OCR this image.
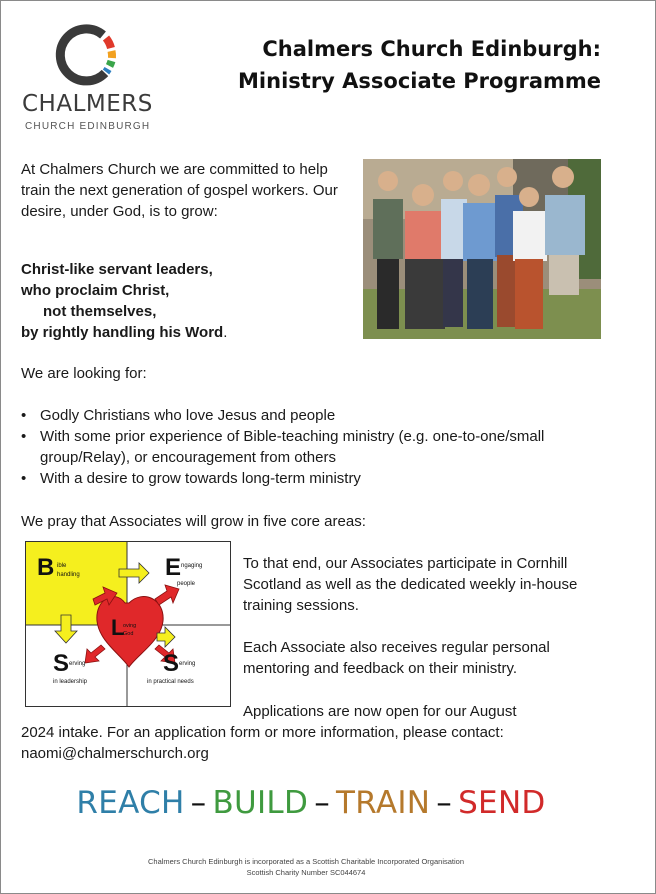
CHALMERS
CHURCH EDINBURGH
Chalmers Church Edinburgh:
Ministry Associate Programme
At Chalmers Church we are committed to help train the next generation of gospel workers. Our desire, under God, is to grow:
Christ-like servant leaders,
who proclaim Christ,
not themselves,
by rightly handling his Word.
We are looking for:
• Godly Christians who love Jesus and people
• With some prior experience of Bible-teaching ministry (e.g. one-to-one/small group/Relay), or encouragement from others
• With a desire to grow towards long-term ministry
We pray that Associates will grow in five core areas:
B ible
handling	E ngaging
people
L
oving
God
S erving
in leadership
S erving
in practical needs

To that end, our Associates participate in Cornhill Scotland as well as the dedicated weekly in-house training sessions.

Each Associate also receives regular personal mentoring and feedback on their ministry.

Applications are now open for our August
2024 intake. For an application form or more information, please contact: naomi@chalmerschurch.org
REACH – BUILD – TRAIN – SEND
Chalmers Church Edinburgh is incorporated as a Scottish Charitable Incorporated Organisation
Scottish Charity Number SC044674
